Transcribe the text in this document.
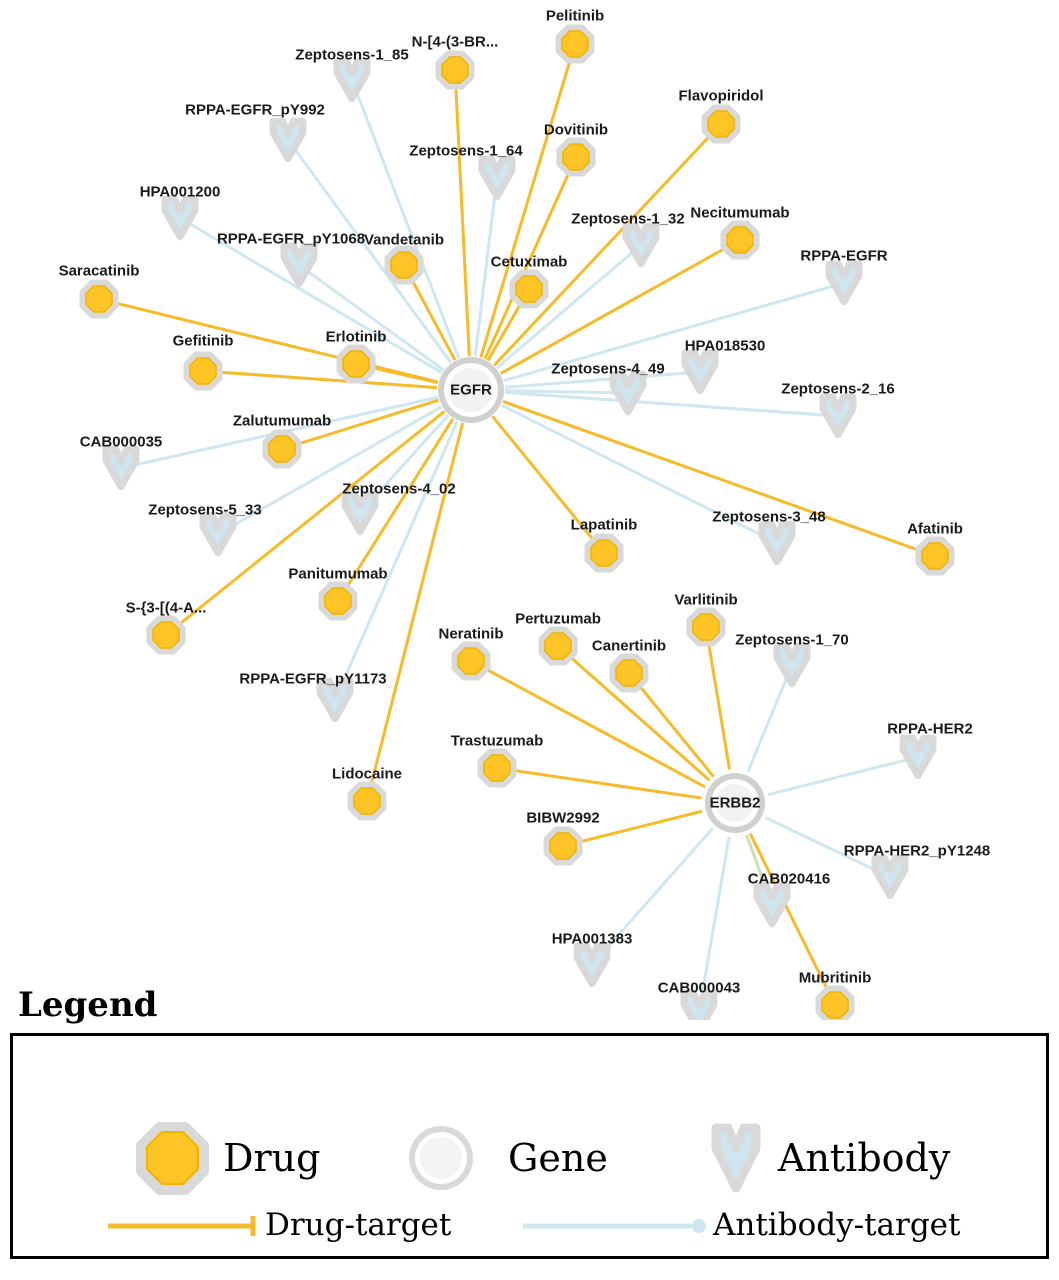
Zeptosens-1_85
RPPA-EGFR_pY992
Zeptosens-1_64
HPA001200
RPPA-EGFR_pY1068
Zeptosens-1_32
RPPA-EGFR
HPA018530
Zeptosens-4_49
Zeptosens-2_16
CAB000035
Zeptosens-5_33
Zeptosens-4_02
Zeptosens-3_48
Zeptosens-1_70
RPPA-EGFR_pY1173
RPPA-HER2
RPPA-HER2_pY1248
CAB020416
HPA001383
CAB000043
Pelitinib
N-[4-(3-BR...
Flavopiridol
Dovitinib
Necitumumab
Vandetanib
Cetuximab
Saracatinib
Gefitinib	Erlotinib
Zalutumumab
Afatinib
Lapatinib
Varlitinib
Panitumumab
S-{3-[(4-A...
Pertuzumab
Neratinib
Canertinib
Trastuzumab
Lidocaine
BIBW2992
Mubritinib
EGFR
ERBB2
Legend
Drug	Gene	Antibody
Drug-target	Antibody-target
